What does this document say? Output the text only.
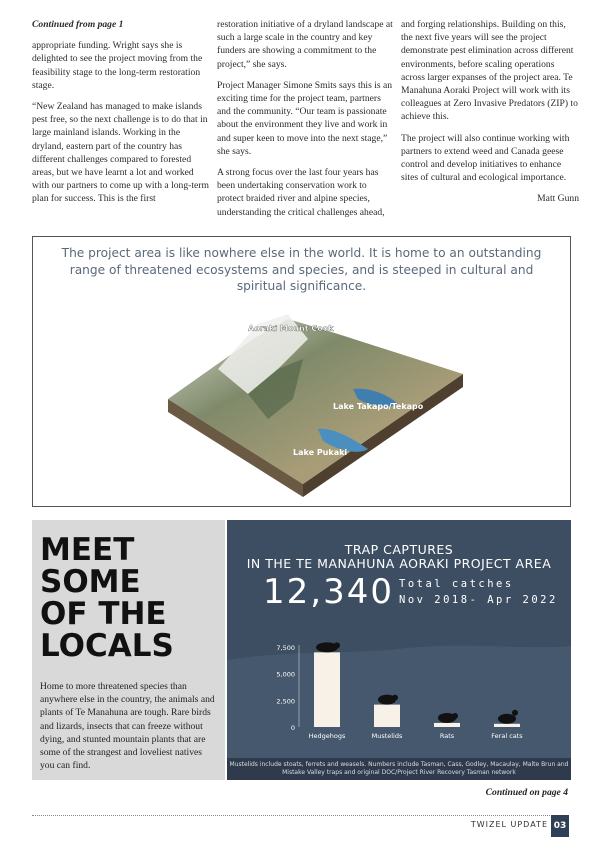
Continued from page 1

appropriate funding. Wright says she is delighted to see the project moving from the feasibility stage to the long-term restoration stage.

“New Zealand has managed to make islands pest free, so the next challenge is to do that in large mainland islands. Working in the dryland, eastern part of the country has different challenges compared to forested areas, but we have learnt a lot and worked with our partners to come up with a long-term plan for success. This is the first

restoration initiative of a dryland landscape at such a large scale in the country and key funders are showing a commitment to the project,” she says.

Project Manager Simone Smits says this is an exciting time for the project team, partners and the community. “Our team is passionate about the environment they live and work in and super keen to move into the next stage,” she says.

A strong focus over the last four years has been undertaking conservation work to protect braided river and alpine species, understanding the critical challenges ahead,

and forging relationships. Building on this, the next five years will see the project demonstrate pest elimination across different environments, before scaling operations across larger expanses of the project area. Te Manahuna Aoraki Project will work with its colleagues at Zero Invasive Predators (ZIP) to achieve this.

The project will also continue working with partners to extend weed and Canada geese control and develop initiatives to enhance sites of cultural and ecological importance.

Matt Gunn

The project area is like nowhere else in the world. It is home to an outstanding range of threatened ecosystems and species, and is steeped in cultural and spiritual significance.
Aoraki Mount Cook
Lake Takapo/Tekapo
Lake Pukaki
MEET
SOME
OF THE
LOCALS
Home to more threatened species than anywhere else in the country, the animals and plants of Te Manahuna are tough. Rare birds and lizards, insects that can freeze without dying, and stunted mountain plants that are some of the strangest and loveliest natives you can find.
TRAP CAPTURES
IN THE TE MANAHUNA AORAKI PROJECT AREA
12,340 Total catches
Nov 2018- Apr 2022
0
2,500
5,000
7,500
Hedgehogs	Mustelids	Rats	Feral cats
Mustelids include stoats, ferrets and weasels. Numbers include Tasman, Cass, Godley, Macaulay, Malte Brun and Mistake Valley traps and original DOC/Project River Recovery Tasman network
Continued on page 4
TWIZEL UPDATE 03
